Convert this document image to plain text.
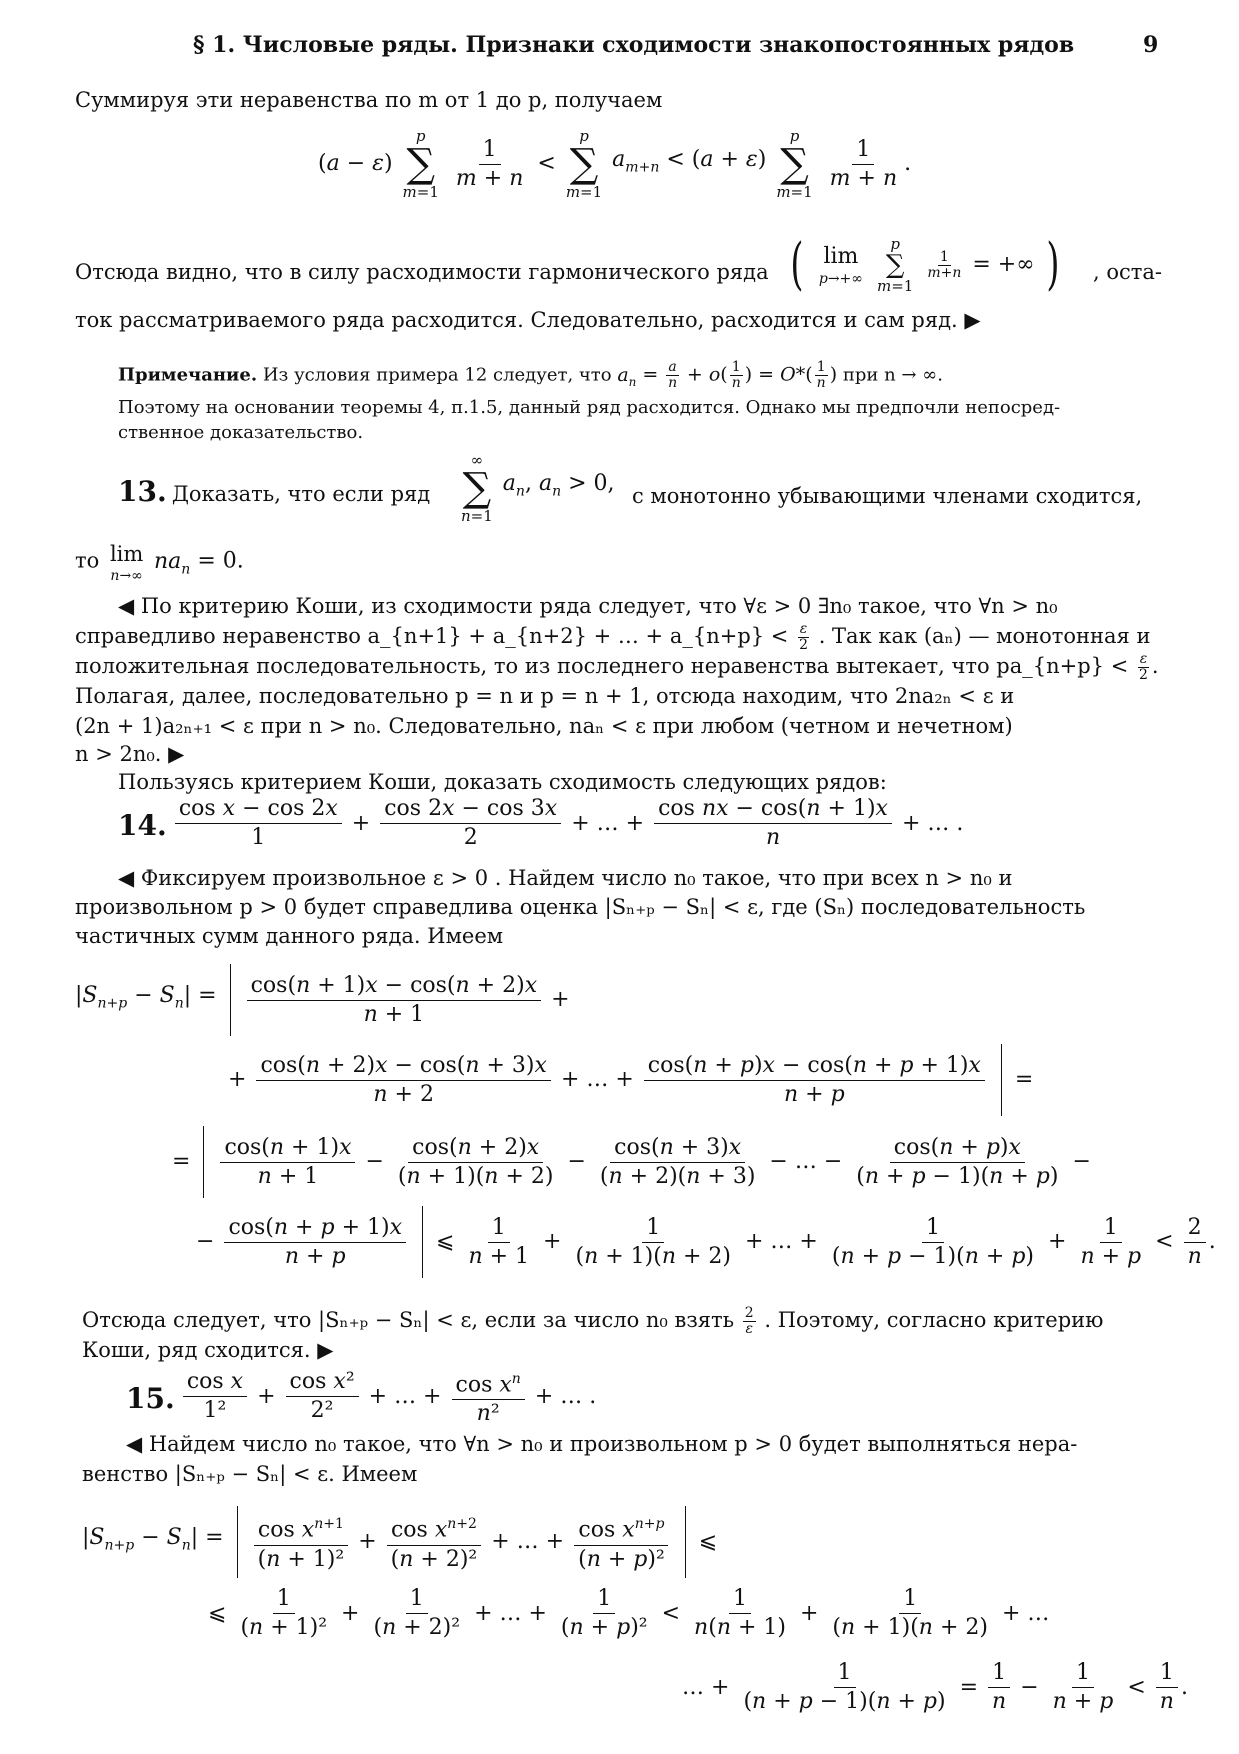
§ 1. Числовые ряды. Признаки сходимости знакопостоянных рядов	9
Суммируя эти неравенства по m от 1 до p, получаем
(a − ε)
p
∑
m=1

$\frac{1}{m + n}$ <
p
∑
m=1
$a_{m+n} < (a + \varepsilon)$
p
∑
m=1

$\frac{1}{m + n}$ .
Отсюда видно, что в силу расходимости гармонического ряда ( lim
p→+∞

p
∑
m=1

$\frac{1}{m+n}$ = +∞ ) , оста-
ток рассматриваемого ряда расходится. Следовательно, расходится и сам ряд. ▶
Примечание. Из условия примера 12 следует, что $a_n = \frac{a}{n} + o( \frac{1}{n}$ ) = $O*( \frac{1}{n}$ ) при n → ∞.
Поэтому на основании теоремы 4, п.1.5, данный ряд расходится. Однако мы предпочли непосред-
ственное доказательство.
13. Доказать, что если ряд
∞
∑
n=1
$a_n$, $a_n > 0$, с монотонно убывающими членами сходится,
то lim
n→∞
$na_n = 0$.
◀ По критерию Коши, из сходимости ряда следует, что ∀ε > 0 ∃n₀ такое, что ∀n > n₀
справедливо неравенство a_{n+1} + a_{n+2} + … + a_{n+p} < $\frac{\varepsilon}{2}$ . Так как (aₙ) — монотонная и
положительная последовательность, то из последнего неравенства вытекает, что pa_{n+p} < $\frac{\varepsilon}{2}$ .
Полагая, далее, последовательно p = n и p = n + 1, отсюда находим, что 2na₂ₙ < ε и
(2n + 1)a₂ₙ₊₁ < ε при n > n₀. Следовательно, naₙ < ε при любом (четном и нечетном)
n > 2n₀. ▶
Пользуясь критерием Коши, доказать сходимость следующих рядов:
14. $\frac{\text{cos x − cos 2x}}{1} + \frac{\cos 2x - \cos 3x}{2}$ + … + $\frac{\text{cos nx − cos(n + 1)x}}{n}$ + … .
◀ Фиксируем произвольное ε > 0 . Найдем число n₀ такое, что при всех n > n₀ и
произвольном p > 0 будет справедлива оценка |Sₙ₊ₚ − Sₙ| < ε, где (Sₙ) последовательность
частичных сумм данного ряда. Имеем
$|S_{n+p} - S_n| = \frac{\cos(n + 1)x - \cos(n + 2)x}{n + 1}$ +
+ $\frac{\cos(n + 2)x - \cos(n + 3)x}{n + 2}$ + … + $\frac{\cos(n + p)x - \cos(n + p + 1)x}{n + p}$ =
= $\frac{\cos(n + 1)x}{n + 1} - \frac{\cos(n + 2)x}{(n + 1)(n + 2)} - \frac{\cos(n + 3)x}{(n + 2)(n + 3)}$ − … − $\frac{\cos(n + p)x}{(n + p - 1)(n + p)}$ −
− $\frac{\cos(n + p + 1)x}{n + p}$ ⩽ $\frac{1}{n + 1} + \frac{1}{(n + 1)(n + 2)}$ + … + $\frac{1}{(n + p - 1)(n + p)} + \frac{1}{n + p} < \frac{2}{n}$ .
Отсюда следует, что |Sₙ₊ₚ − Sₙ| < ε, если за число n₀ взять $\frac{2}{\varepsilon}$ . Поэтому, согласно критерию
Коши, ряд сходится. ▶
15. $\frac{\text{cos x}}{\text{1²}} + \frac{\text{cos x²}}{\text{2²}}$ + … + $\frac{\cos x^n}{\text{n²}}$ + … .
◀ Найдем число n₀ такое, что ∀n > n₀ и произвольном p > 0 будет выполняться нера-
венство |Sₙ₊ₚ − Sₙ| < ε. Имеем
$|S_{n+p} - S_n| = \frac{\cos x^{n+1}}{\text{(n + 1)²}} + \frac{\cos x^{n+2}}{\text{(n + 2)²}}$ + … + $\frac{\cos x^{n+p}}{\text{(n + p)²}}$ ⩽
⩽ $\frac{1}{\text{(n + 1)²}} + \frac{1}{\text{(n + 2)²}}$ + … + $\frac{1}{\text{(n + p)²}} < \frac{1}{n(n + 1)} + \frac{1}{(n + 1)(n + 2)}$ + …
… + $\frac{1}{(n + p - 1)(n + p)} = \frac{1}{n} - \frac{1}{n + p} < \frac{1}{n}$ .
